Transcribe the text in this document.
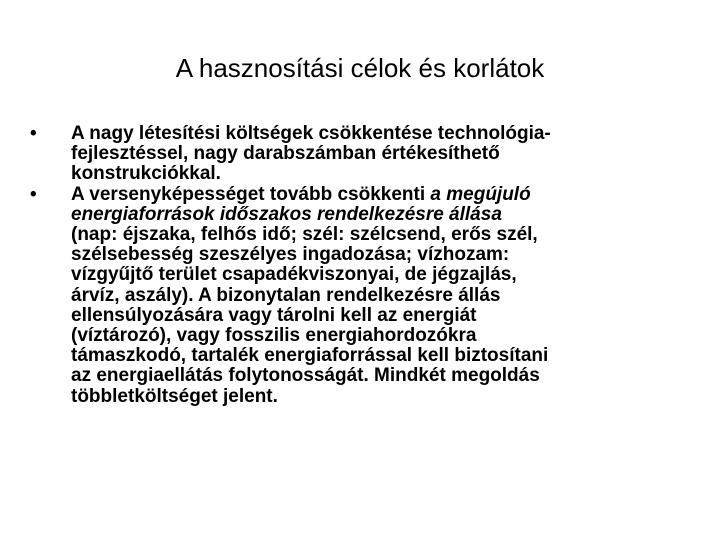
A hasznosítási célok és korlátok
•	A nagy létesítési költségek csökkentése technológia-
fejlesztéssel, nagy darabszámban értékesíthető
konstrukciókkal.
•	A versenyképességet tovább csökkenti a megújuló
energiaforrások időszakos rendelkezésre állása
(nap: éjszaka, felhős idő; szél: szélcsend, erős szél,
szélsebesség szeszélyes ingadozása; vízhozam:
vízgyűjtő terület csapadékviszonyai, de jégzajlás,
árvíz, aszály). A bizonytalan rendelkezésre állás
ellensúlyozására vagy tárolni kell az energiát
(víztározó), vagy fosszilis energiahordozókra
támaszkodó, tartalék energiaforrással kell biztosítani
az energiaellátás folytonosságát. Mindkét megoldás
többletköltséget jelent.
